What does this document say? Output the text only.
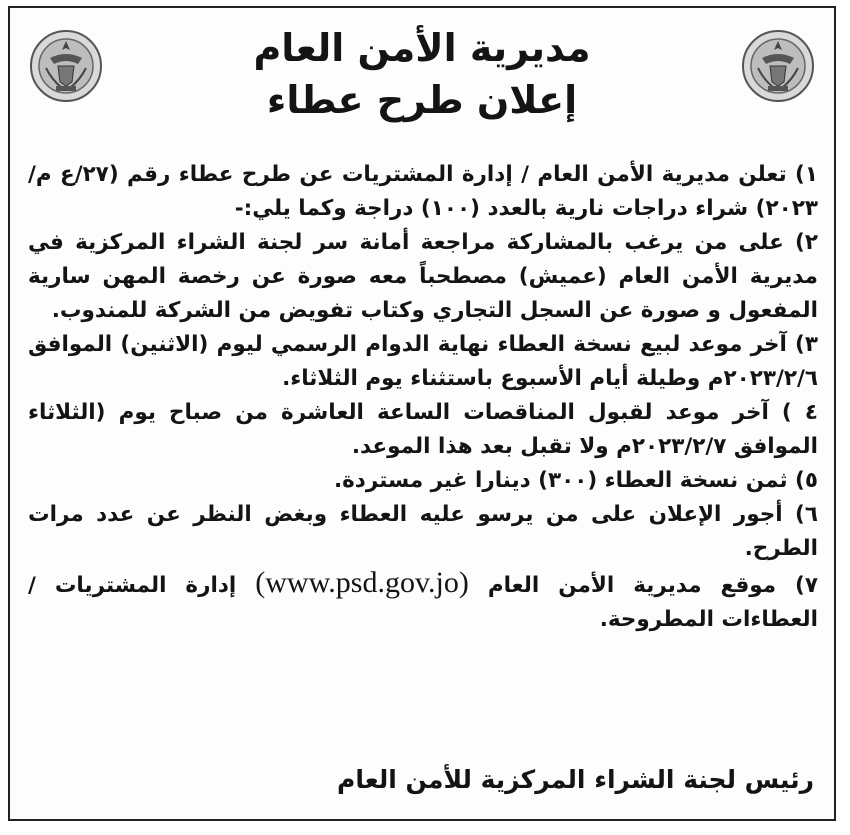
مديرية الأمن العام

إعلان طرح عطاء

١) تعلن مديرية الأمن العام / إدارة المشتريات عن طرح عطاء رقم (٢٧/ع م/٢٠٢٣) شراء دراجات نارية بالعدد (١٠٠) دراجة وكما يلي:-

٢) على من يرغب بالمشاركة مراجعة أمانة سر لجنة الشراء المركزية في مديرية الأمن العام (عميش) مصطحباً معه صورة عن رخصة المهن سارية المفعول و صورة عن السجل التجاري وكتاب تفويض من الشركة للمندوب.

٣) آخر موعد لبيع نسخة العطاء نهاية الدوام الرسمي ليوم (الاثنين) الموافق ٢٠٢٣/٢/٦م وطيلة أيام الأسبوع باستثناء يوم الثلاثاء.

٤ ) آخر موعد لقبول المناقصات الساعة العاشرة من صباح يوم (الثلاثاء الموافق ٢٠٢٣/٢/٧م ولا تقبل بعد هذا الموعد.

٥) ثمن نسخة العطاء (٣٠٠) دينارا غير مستردة.

٦) أجور الإعلان على من يرسو عليه العطاء وبغض النظر عن عدد مرات الطرح.

٧) موقع مديرية الأمن العام (www.psd.gov.jo) إدارة المشتريات / العطاءات المطروحة.

رئيس لجنة الشراء المركزية للأمن العام
